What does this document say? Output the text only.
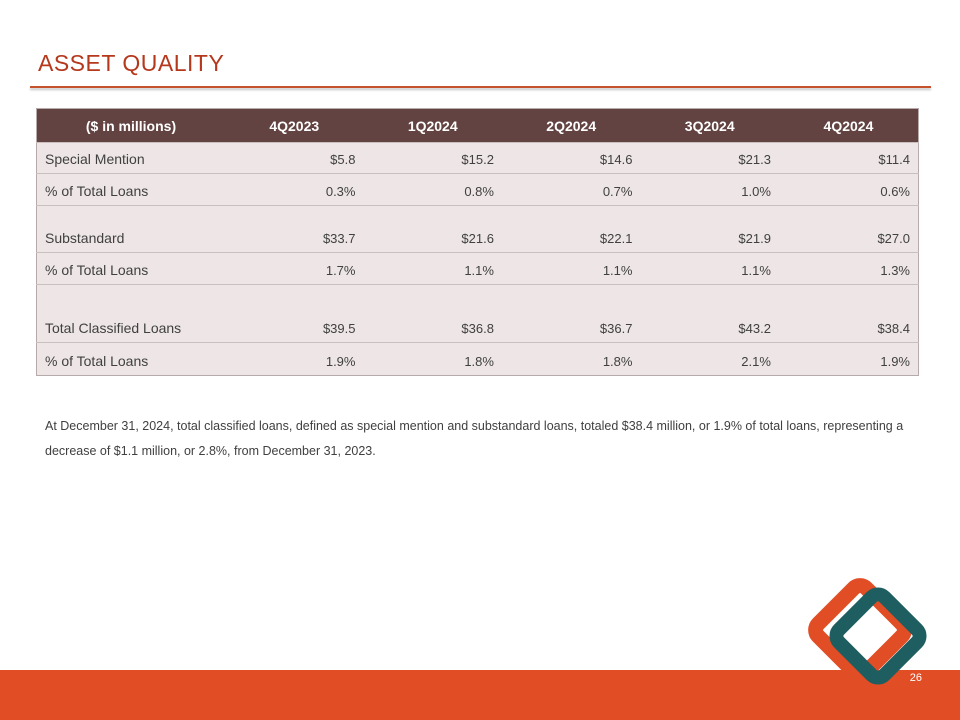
ASSET QUALITY
($ in millions)	4Q2023	1Q2024	2Q2024	3Q2024	4Q2024
Special Mention	$5.8	$15.2	$14.6	$21.3	$11.4
% of Total Loans	0.3%	0.8%	0.7%	1.0%	0.6%
Substandard	$33.7	$21.6	$22.1	$21.9	$27.0
% of Total Loans	1.7%	1.1%	1.1%	1.1%	1.3%
Total Classified Loans	$39.5	$36.8	$36.7	$43.2	$38.4
% of Total Loans	1.9%	1.8%	1.8%	2.1%	1.9%
At December 31, 2024, total classified loans, defined as special mention and substandard loans, totaled $38.4 million, or 1.9% of total loans, representing a decrease of $1.1 million, or 2.8%, from December 31, 2023.
26
